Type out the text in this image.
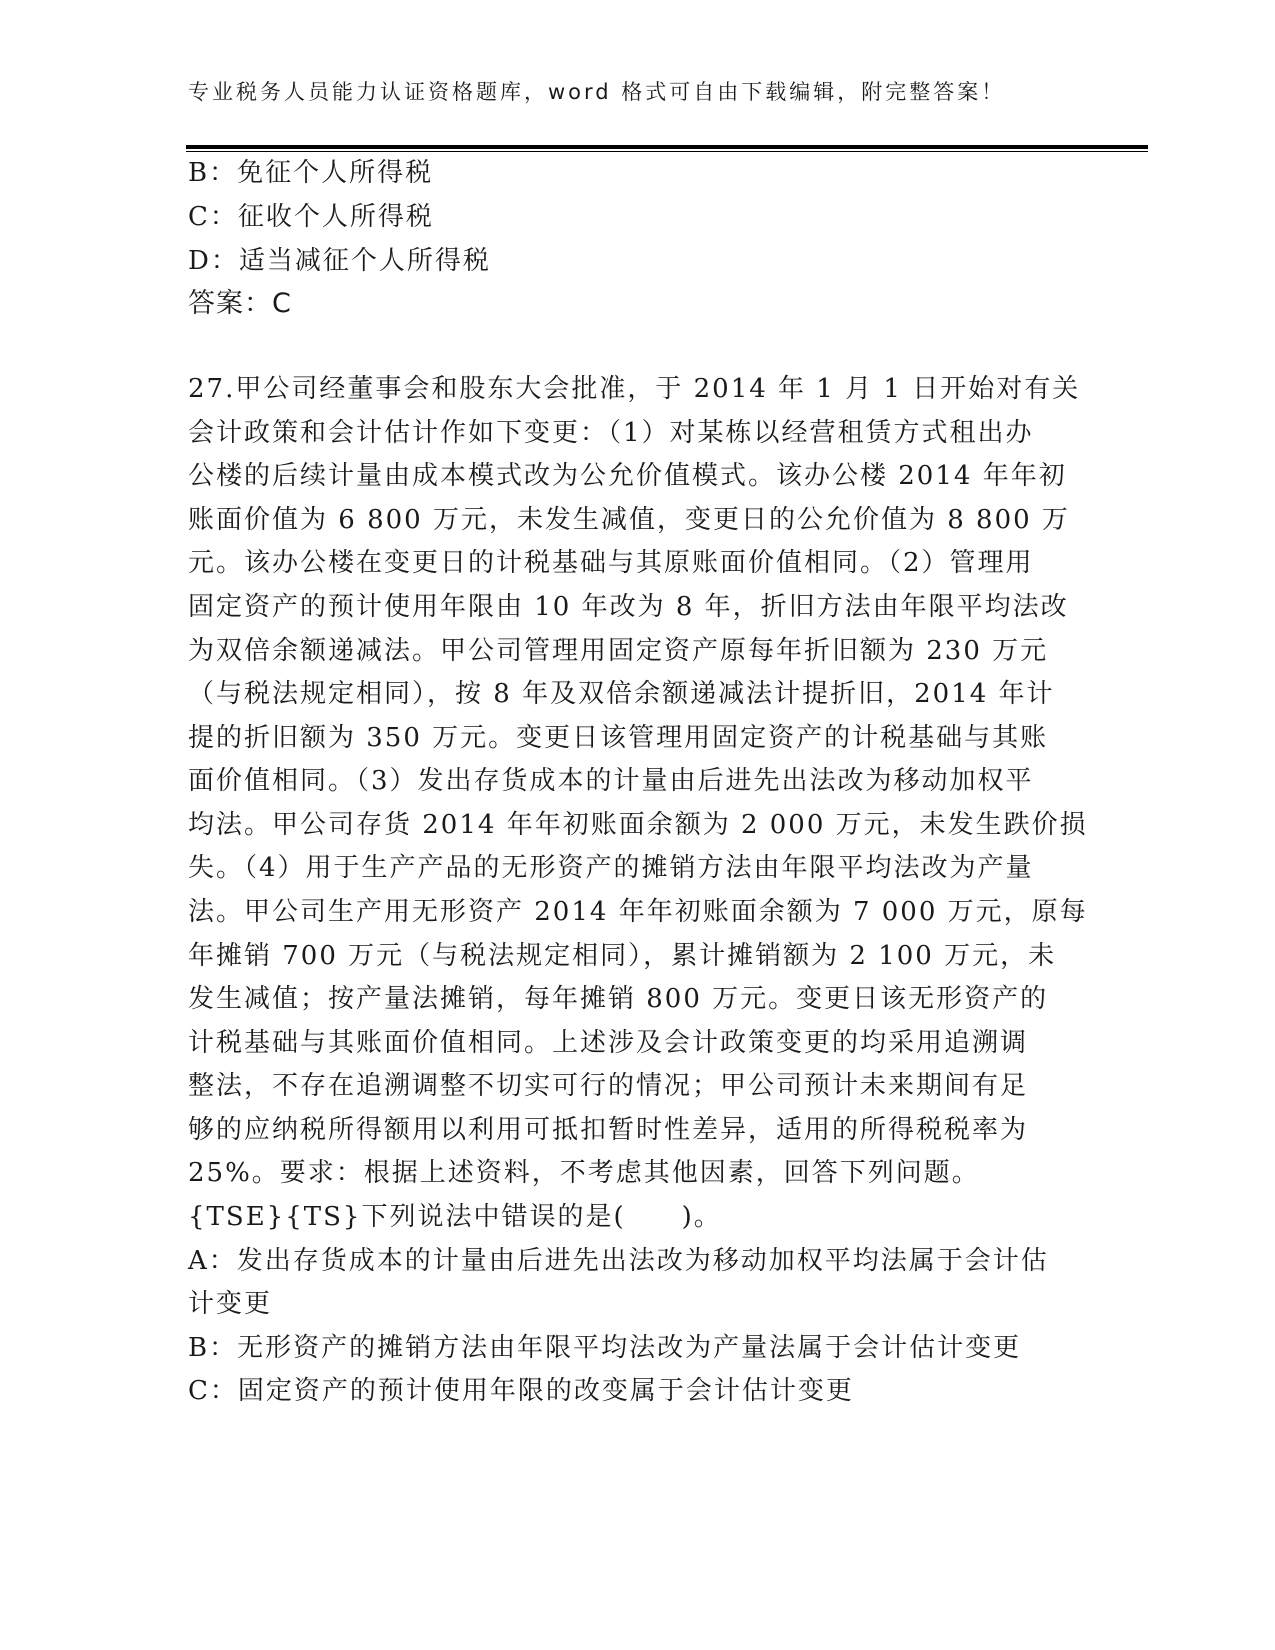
专业税务人员能力认证资格题库，word 格式可自由下载编辑，附完整答案！
B：免征个人所得税
C：征收个人所得税
D：适当减征个人所得税
答案：C
27.甲公司经董事会和股东大会批准，于 2014 年 1 月 1 日开始对有关
会计政策和会计估计作如下变更：（1）对某栋以经营租赁方式租出办
公楼的后续计量由成本模式改为公允价值模式。该办公楼 2014 年年初
账面价值为 6 800 万元，未发生减值，变更日的公允价值为 8 800 万
元。该办公楼在变更日的计税基础与其原账面价值相同。（2）管理用
固定资产的预计使用年限由 10 年改为 8 年，折旧方法由年限平均法改
为双倍余额递减法。甲公司管理用固定资产原每年折旧额为 230 万元
（与税法规定相同），按 8 年及双倍余额递减法计提折旧，2014 年计
提的折旧额为 350 万元。变更日该管理用固定资产的计税基础与其账
面价值相同。（3）发出存货成本的计量由后进先出法改为移动加权平
均法。甲公司存货 2014 年年初账面余额为 2 000 万元，未发生跌价损
失。（4）用于生产产品的无形资产的摊销方法由年限平均法改为产量
法。甲公司生产用无形资产 2014 年年初账面余额为 7 000 万元，原每
年摊销 700 万元（与税法规定相同），累计摊销额为 2 100 万元，未
发生减值；按产量法摊销，每年摊销 800 万元。变更日该无形资产的
计税基础与其账面价值相同。上述涉及会计政策变更的均采用追溯调
整法，不存在追溯调整不切实可行的情况；甲公司预计未来期间有足
够的应纳税所得额用以利用可抵扣暂时性差异，适用的所得税税率为
25%。要求：根据上述资料，不考虑其他因素，回答下列问题。
{TSE}{TS}下列说法中错误的是(　　)。
A：发出存货成本的计量由后进先出法改为移动加权平均法属于会计估
计变更
B：无形资产的摊销方法由年限平均法改为产量法属于会计估计变更
C：固定资产的预计使用年限的改变属于会计估计变更
